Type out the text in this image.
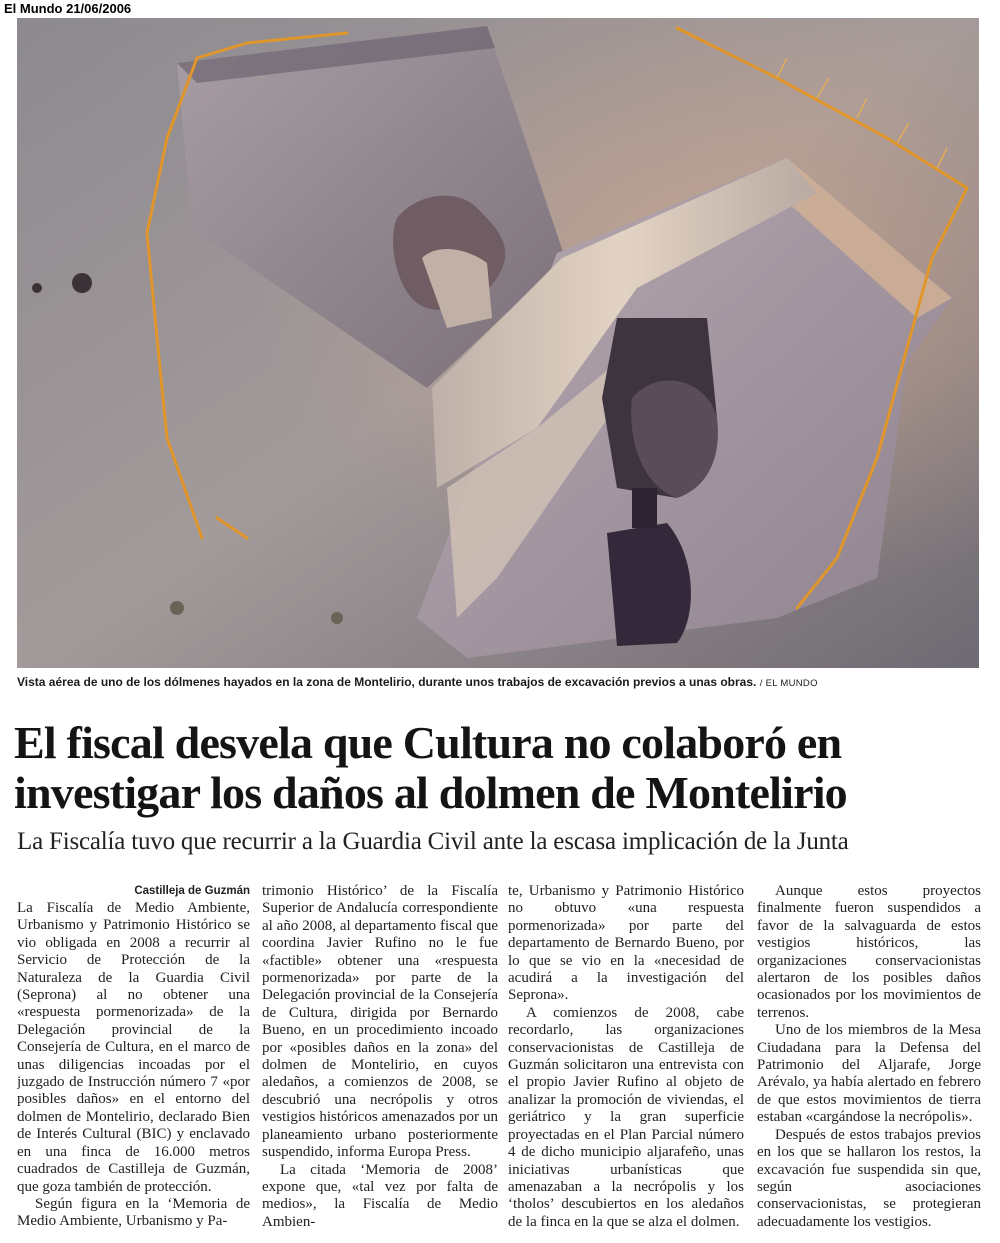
El Mundo 21/06/2006
Vista aérea de uno de los dólmenes hayados en la zona de Montelirio, durante unos trabajos de excavación previos a unas obras. / EL MUNDO
El fiscal desvela que Cultura no colaboró en
investigar los daños al dolmen de Montelirio
La Fiscalía tuvo que recurrir a la Guardia Civil ante la escasa implicación de la Junta
Castilleja de Guzmán

La Fiscalía de Medio Ambiente, Urbanismo y Patrimonio Histórico se vio obligada en 2008 a recurrir al Servicio de Protección de la Naturaleza de la Guardia Civil (Seprona) al no obtener una «respuesta pormenorizada» de la Delegación provincial de la Consejería de Cultura, en el marco de unas diligencias incoadas por el juzgado de Instrucción número 7 «por posibles daños» en el entorno del dolmen de Montelirio, declarado Bien de Interés Cultural (BIC) y enclavado en una finca de 16.000 metros cuadrados de Castilleja de Guzmán, que goza también de protección.

Según figura en la ‘Memoria de Medio Ambiente, Urbanismo y Pa-

trimonio Histórico’ de la Fiscalía Superior de Andalucía correspondiente al año 2008, al departamento fiscal que coordina Javier Rufino no le fue «factible» obtener una «respuesta pormenorizada» por parte de la Delegación provincial de la Consejería de Cultura, dirigida por Bernardo Bueno, en un procedimiento incoado por «posibles daños en la zona» del dolmen de Montelirio, en cuyos aledaños, a comienzos de 2008, se descubrió una necrópolis y otros vestigios históricos amenazados por un planeamiento urbano posteriormente suspendido, informa Europa Press.

La citada ‘Memoria de 2008’ expone que, «tal vez por falta de medios», la Fiscalía de Medio Ambien-

te, Urbanismo y Patrimonio Histórico no obtuvo «una respuesta pormenorizada» por parte del departamento de Bernardo Bueno, por lo que se vio en la «necesidad de acudirá a la investigación del Seprona».

A comienzos de 2008, cabe recordarlo, las organizaciones conservacionistas de Castilleja de Guzmán solicitaron una entrevista con el propio Javier Rufino al objeto de analizar la promoción de viviendas, el geriátrico y la gran superficie proyectadas en el Plan Parcial número 4 de dicho municipio aljarafeño, unas iniciativas urbanísticas que amenazaban a la necrópolis y los ‘tholos’ descubiertos en los aledaños de la finca en la que se alza el dolmen.

Aunque estos proyectos finalmente fueron suspendidos a favor de la salvaguarda de estos vestigios históricos, las organizaciones conservacionistas alertaron de los posibles daños ocasionados por los movimientos de terrenos.

Uno de los miembros de la Mesa Ciudadana para la Defensa del Patrimonio del Aljarafe, Jorge Arévalo, ya había alertado en febrero de que estos movimientos de tierra estaban «cargándose la necrópolis».

Después de estos trabajos previos en los que se hallaron los restos, la excavación fue suspendida sin que, según asociaciones conservacionistas, se protegieran adecuadamente los vestigios.
